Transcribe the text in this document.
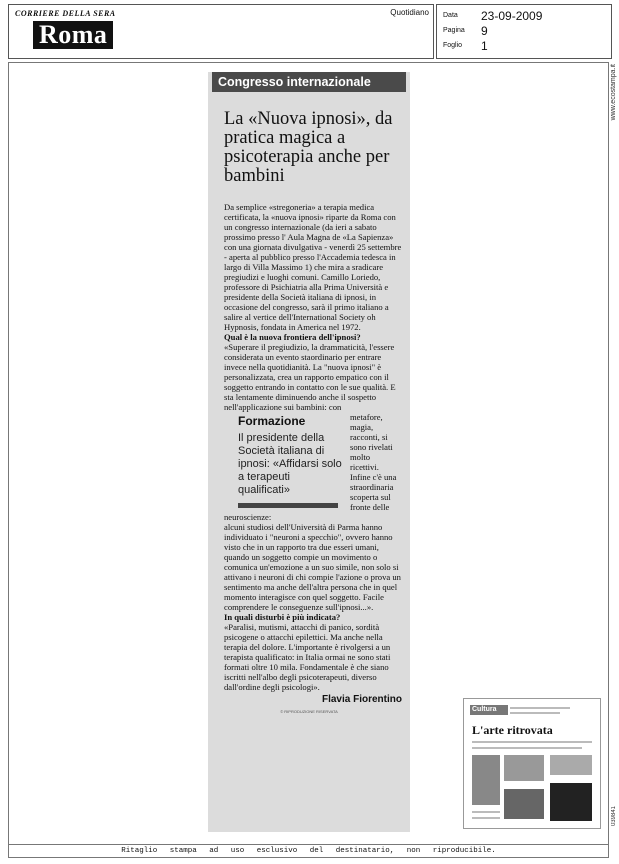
CORRIERE DELLA SERA
Roma
Quotidiano Data 23-09-2009
Pagina 9
Foglio 1
www.ecostampa.it
039841
Congresso internazionale
La «Nuova ipnosi», da pratica magica a psicoterapia anche per bambini
Da semplice «stregoneria» a terapia medica certificata, la «nuova ipnosi» riparte da Roma con un congresso internazionale (da ieri a sabato prossimo presso l' Aula Magna de «La Sapienza» con una giornata divulgativa - venerdì 25 settembre - aperta al pubblico presso l'Accademia tedesca in largo di Villa Massimo 1) che mira a sradicare pregiudizi e luoghi comuni. Camillo Loriedo, professore di Psichiatria alla Prima Università e presidente della Società italiana di ipnosi, in occasione del congresso, sarà il primo italiano a salire al vertice dell'International Society oh Hypnosis, fondata in America nel 1972.
Qual è la nuova frontiera dell'ipnosi?
«Superare il pregiudizio, la drammaticità, l'essere considerata un evento staordinario per entrare invece nella quotidianità. La "nuova ipnosi" è personalizzata, crea un rapporto empatico con il soggetto entrando in contatto con le sue qualità. E sta lentamente diminuendo anche il sospetto nell'applicazione sui bambini: con
Formazione
Il presidente della Società italiana di ipnosi: «Affidarsi solo a terapeuti qualificati»
metafore, magia, racconti, si sono rivelati molto ricettivi. Infine c'è una straordinaria scoperta sul fronte delle neuroscienze:
alcuni studiosi dell'Università di Parma hanno individuato i "neuroni a specchio", ovvero hanno visto che in un rapporto tra due esseri umani, quando un soggetto compie un movimento o comunica un'emozione a un suo simile, non solo si attivano i neuroni di chi compie l'azione o prova un sentimento ma anche dell'altra persona che in quel momento interagisce con quel soggetto. Facile comprendere le conseguenze sull'ipnosi...».
In quali disturbi è più indicata?
«Paralisi, mutismi, attacchi di panico, sordità psicogene o attacchi epilettici. Ma anche nella terapia del dolore. L'importante è rivolgersi a un terapista qualificato: in Italia ormai ne sono stati formati oltre 10 mila. Fondamentale è che siano iscritti nell'albo degli psicoterapeuti, diverso dall'ordine degli psicologi».
Flavia Fiorentino
© RIPRODUZIONE RISERVATA	Cultura
L'arte ritrovata
Ritaglio stampa ad uso esclusivo del destinatario, non riproducibile.
